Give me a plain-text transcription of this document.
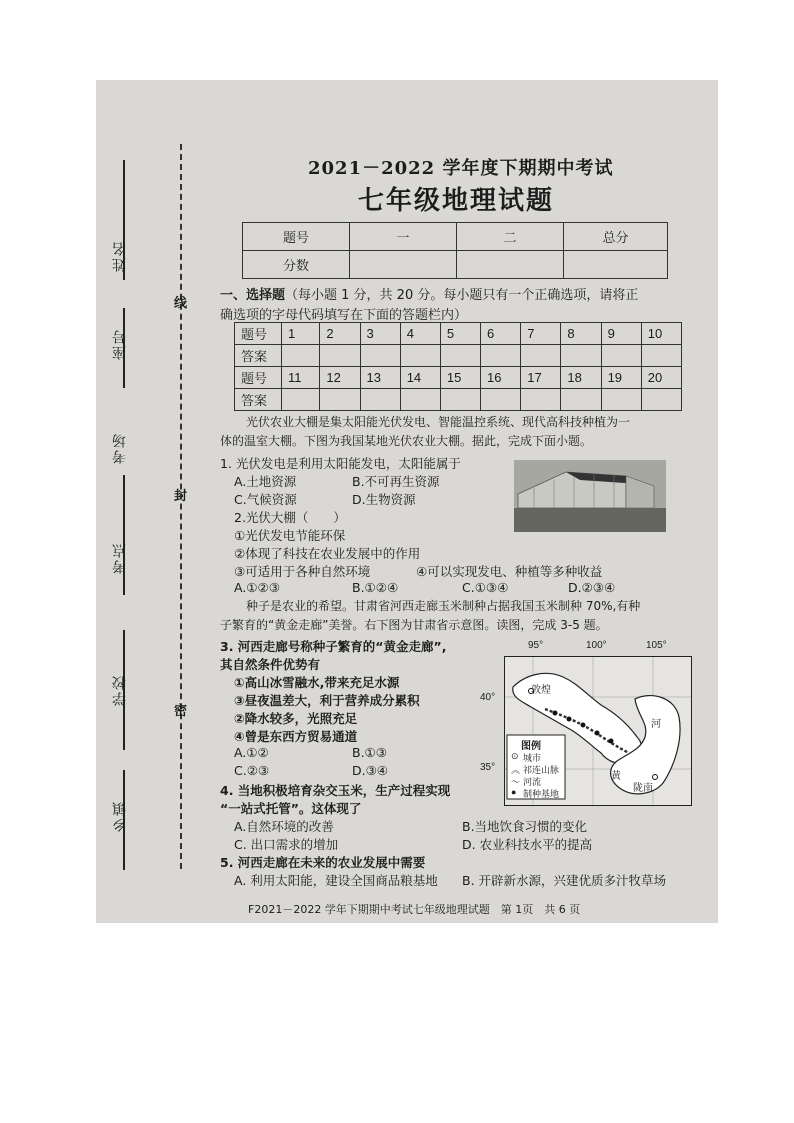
姓名
座号
考场
考点
学校
乡镇
线
封
密
2021－2022 学年度下期期中考试
七年级地理试题
题号	一	二	总分
分数			
一、选择题（每小题 1 分，共 20 分。每小题只有一个正确选项，请将正
确选项的字母代码填写在下面的答题栏内）
题号	1	2	3	4	5	6	7	8	9	10
答案										
题号	11	12	13	14	15	16	17	18	19	20
答案										
光伏农业大棚是集太阳能光伏发电、智能温控系统、现代高科技种植为一
体的温室大棚。下图为我国某地光伏农业大棚。据此，完成下面小题。
1. 光伏发电是利用太阳能发电，太阳能属于
A.土地资源	B.不可再生资源
C.气候资源	D.生物资源
2.光伏大棚（　　）
①光伏发电节能环保
②体现了科技在农业发展中的作用
③可适用于各种自然环境	④可以实现发电、种植等多种收益
A.①②③	B.①②④	C.①③④	D.②③④
种子是农业的希望。甘肃省河西走廊玉米制种占据我国玉米制种 70%,有种
子繁育的“黄金走廊”美誉。右下图为甘肃省示意图。读图，完成 3-5 题。
3. 河西走廊号称种子繁育的“黄金走廊”,
其自然条件优势有
①高山冰雪融水,带来充足水源
③昼夜温差大，利于营养成分累积
②降水较多，光照充足
④曾是东西方贸易通道
A.①②	B.①③
C.②③	D.③④
4. 当地积极培育杂交玉米，生产过程实现
“一站式托管”。这体现了
A.自然环境的改善	B.当地饮食习惯的变化
C. 出口需求的增加	D. 农业科技水平的提高
5. 河西走廊在未来的农业发展中需要
A. 利用太阳能，建设全国商品粮基地 B. 开辟新水源，兴建优质多汁牧草场
95°	100°	105°
40°
35°
敦煌
河
黄
陇南
图例
⊙ 城市
︽ 祁连山脉
〜 河流
● 制种基地
F2021－2022 学年下期期中考试七年级地理试题　第 1页　共 6 页
